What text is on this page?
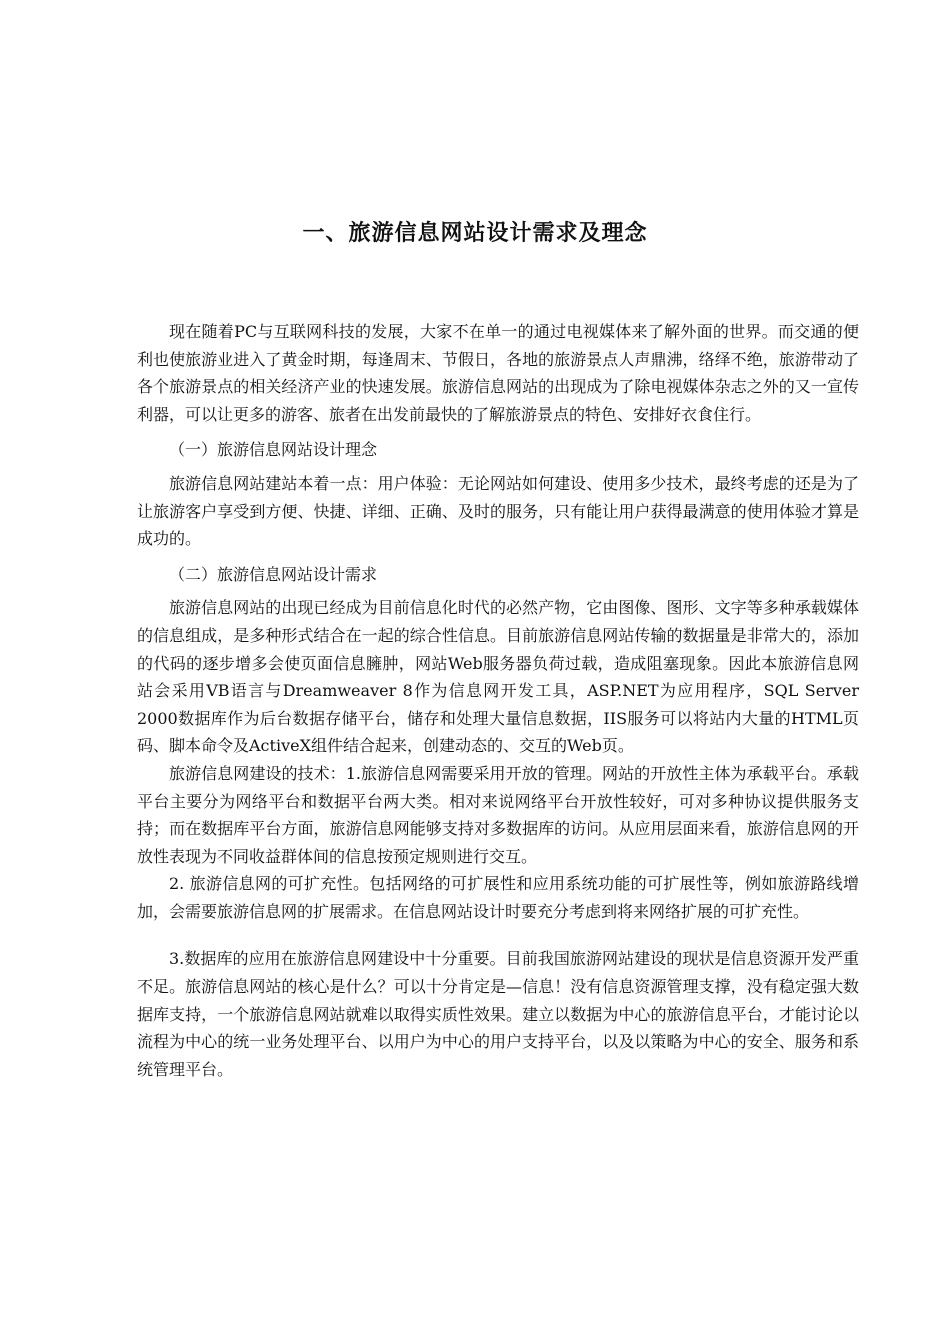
一、旅游信息网站设计需求及理念

现在随着PC与互联网科技的发展，大家不在单一的通过电视媒体来了解外面的世界。而交通的便利也使旅游业进入了黄金时期，每逢周末、节假日，各地的旅游景点人声鼎沸，络绎不绝，旅游带动了各个旅游景点的相关经济产业的快速发展。旅游信息网站的出现成为了除电视媒体杂志之外的又一宣传利器，可以让更多的游客、旅者在出发前最快的了解旅游景点的特色、安排好衣食住行。

（一）旅游信息网站设计理念

旅游信息网站建站本着一点：用户体验：无论网站如何建设、使用多少技术，最终考虑的还是为了让旅游客户享受到方便、快捷、详细、正确、及时的服务，只有能让用户获得最满意的使用体验才算是成功的。

（二）旅游信息网站设计需求

旅游信息网站的出现已经成为目前信息化时代的必然产物，它由图像、图形、文字等多种承载媒体的信息组成，是多种形式结合在一起的综合性信息。目前旅游信息网站传输的数据量是非常大的，添加的代码的逐步增多会使页面信息臃肿，网站Web服务器负荷过载，造成阻塞现象。因此本旅游信息网站会采用VB语言与Dreamweaver 8作为信息网开发工具，ASP.NET为应用程序，SQL Server 2000数据库作为后台数据存储平台，储存和处理大量信息数据，IIS服务可以将站内大量的HTML页码、脚本命令及ActiveX组件结合起来，创建动态的、交互的Web页。

旅游信息网建设的技术：1.旅游信息网需要采用开放的管理。网站的开放性主体为承载平台。承载平台主要分为网络平台和数据平台两大类。相对来说网络平台开放性较好，可对多种协议提供服务支持；而在数据库平台方面，旅游信息网能够支持对多数据库的访问。从应用层面来看，旅游信息网的开放性表现为不同收益群体间的信息按预定规则进行交互。

2. 旅游信息网的可扩充性。包括网络的可扩展性和应用系统功能的可扩展性等，例如旅游路线增加，会需要旅游信息网的扩展需求。在信息网站设计时要充分考虑到将来网络扩展的可扩充性。

3.数据库的应用在旅游信息网建设中十分重要。目前我国旅游网站建设的现状是信息资源开发严重不足。旅游信息网站的核心是什么？可以十分肯定是—信息！没有信息资源管理支撑，没有稳定强大数据库支持，一个旅游信息网站就难以取得实质性效果。建立以数据为中心的旅游信息平台，才能讨论以流程为中心的统一业务处理平台、以用户为中心的用户支持平台，以及以策略为中心的安全、服务和系统管理平台。
